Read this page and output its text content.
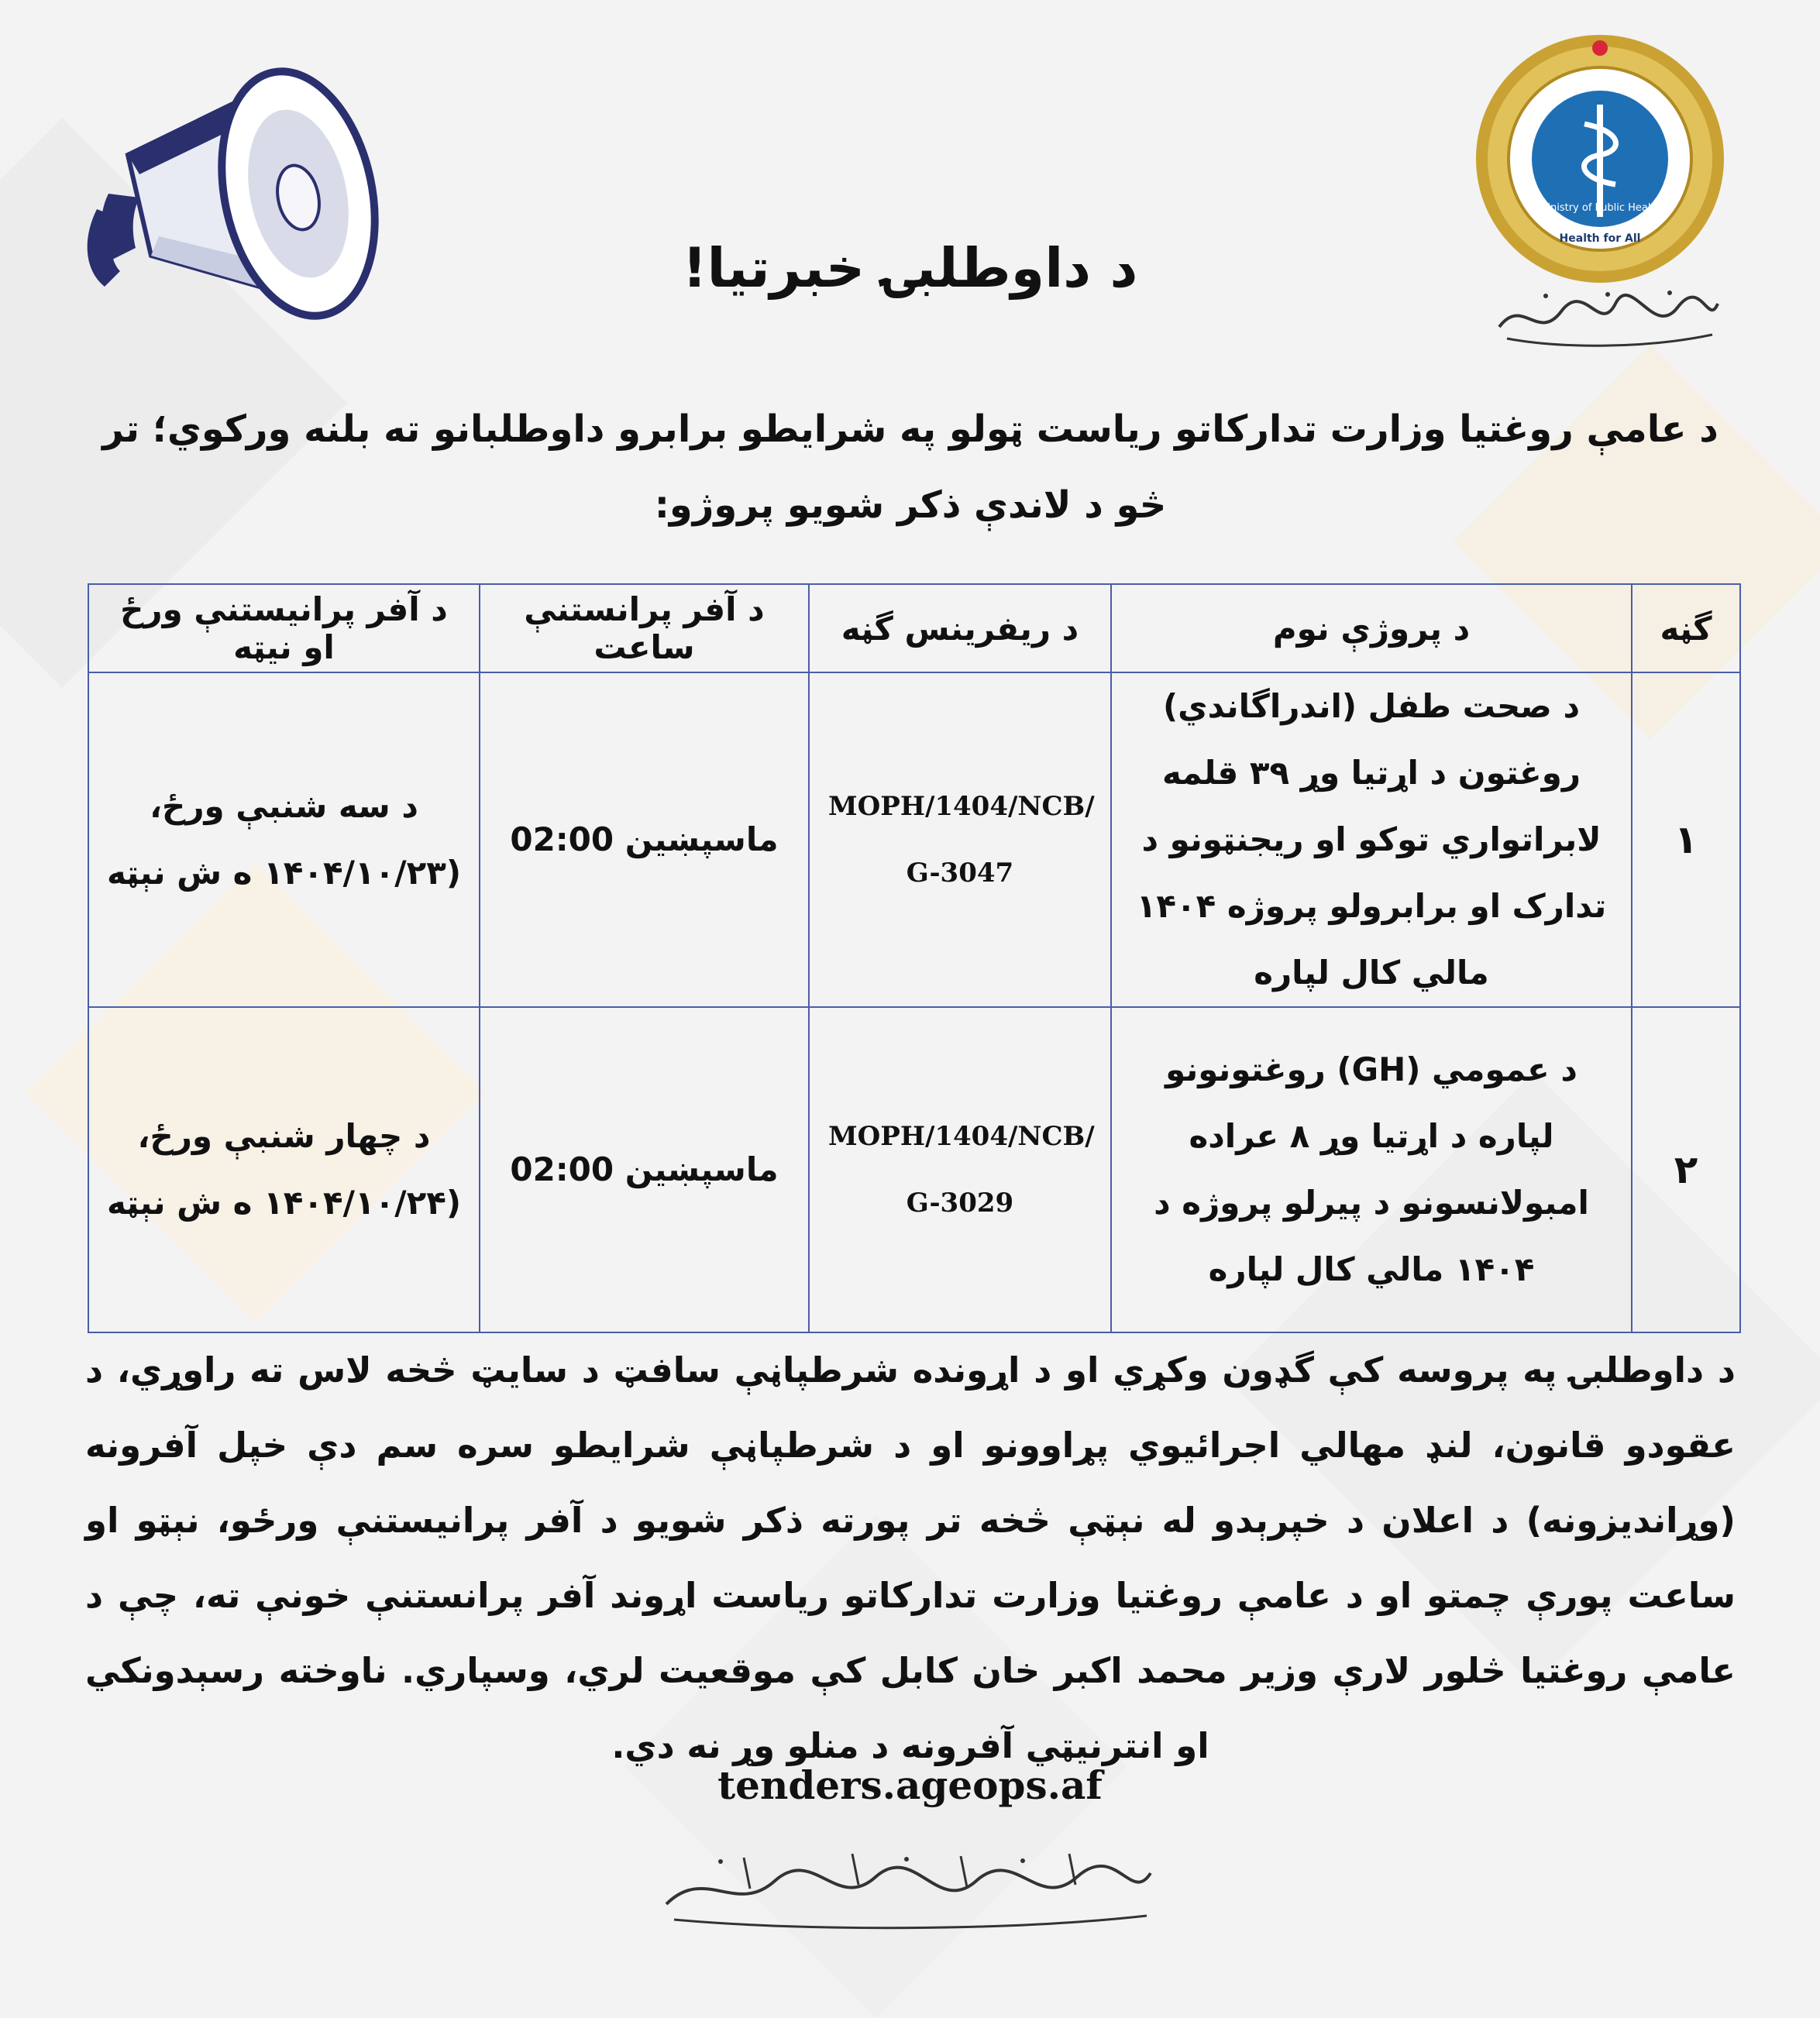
Ministry of Public Health
Health for All
د داوطلبۍ خبرتیا!

د عامې روغتیا وزارت تدارکاتو ریاست ټولو په شرایطو برابرو داوطلبانو ته بلنه ورکوي؛ تر څو د لاندې ذکر شویو پروژو:

گڼه	د پروژې نوم	د ریفرینس گڼه	د آفر پرانستنې ساعت	د آفر پرانیستنې ورځ او نیټه
۱	د صحت طفل (اندراگاندي) روغتون د اړتیا وړ ۳۹ قلمه لابراتواري توکو او ریجنټونو د تدارک او برابرولو پروژه ۱۴۰۴ مالي کال لپاره	MOPH/1404/NCB/ G-3047	ماسپښین 02:00	د سه شنبې ورځ،
(۱۴۰۴/۱۰/۲۳ ه ش نېټه

۲	د عمومي (GH) روغتونونو لپاره د اړتیا وړ ۸ عراده امبولانسونو د پیرلو پروژه د ۱۴۰۴ مالي کال لپاره	MOPH/1404/NCB/ G-3029	ماسپښین 02:00	د چهار شنبې ورځ،
(۱۴۰۴/۱۰/۲۴ ه ش نېټه

د داوطلبۍ په پروسه کې گډون وکړي او د اړونده شرطپاڼې سافټ د سایټ څخه لاس ته راوړي، د عقودو قانون، لنډ مهالي اجرائیوي پړاوونو او د شرطپاڼې شرایطو سره سم دې خپل آفرونه (وړاندیزونه) د اعلان د خپرېدو له نېټې څخه تر پورته ذکر شویو د آفر پرانیستنې ورځو، نېټو او ساعت پورې چمتو او د عامې روغتیا وزارت تدارکاتو ریاست اړوند آفر پرانستنې خونې ته، چې د عامې روغتیا څلور لارې وزیر محمد اکبر خان کابل کې موقعیت لري، وسپاري. ناوخته رسېدونکي او انترنیټي آفرونه د منلو وړ نه دي.

tenders.ageops.af
